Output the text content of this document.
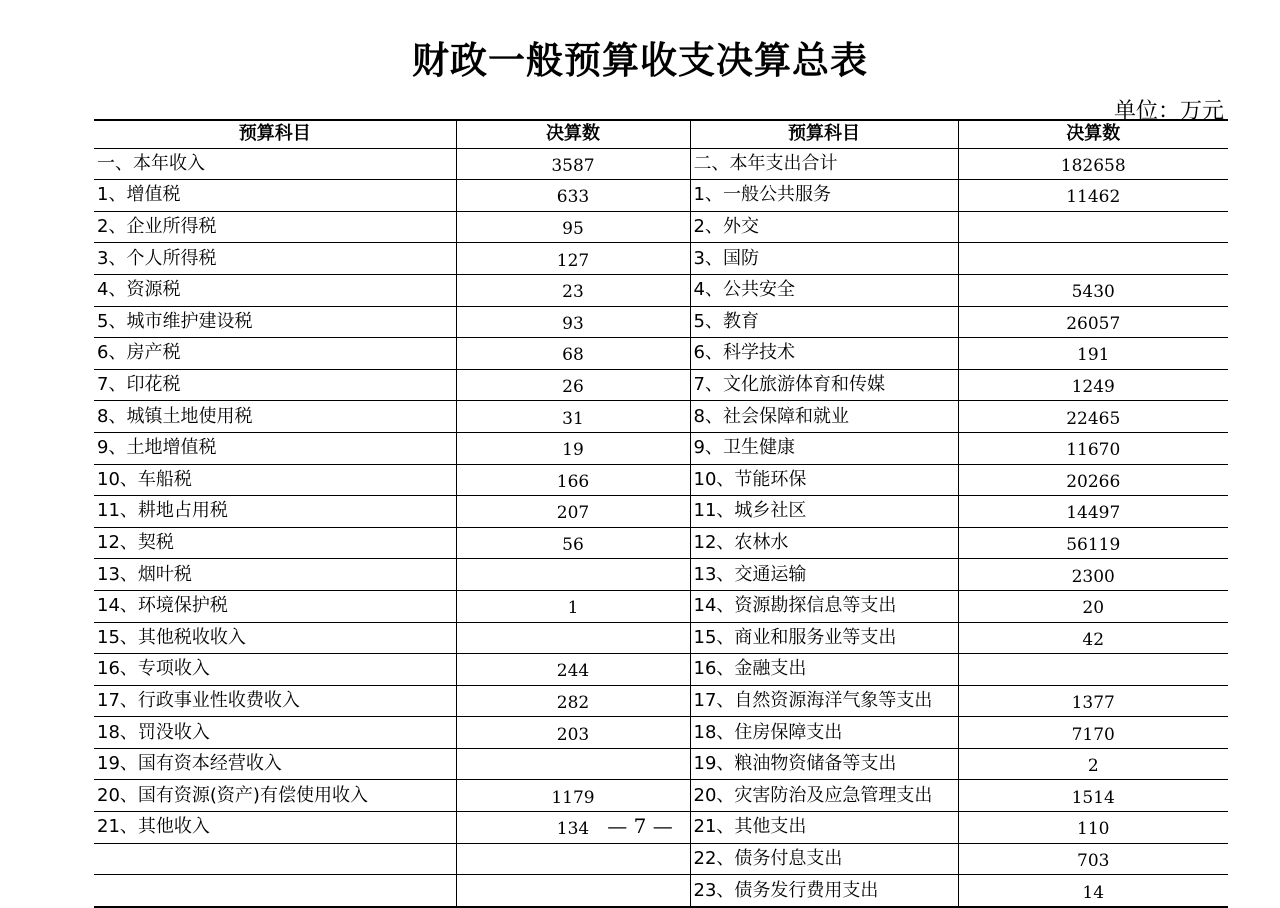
财政一般预算收支决算总表
单位：万元
预算科目	决算数	预算科目	决算数
一、本年收入	3587	二、本年支出合计	182658
1、增值税	633	1、一般公共服务	11462
2、企业所得税	95	2、外交	
3、个人所得税	127	3、国防	
4、资源税	23	4、公共安全	5430
5、城市维护建设税	93	5、教育	26057
6、房产税	68	6、科学技术	191
7、印花税	26	7、文化旅游体育和传媒	1249
8、城镇土地使用税	31	8、社会保障和就业	22465
9、土地增值税	19	9、卫生健康	11670
10、车船税	166	10、节能环保	20266
11、耕地占用税	207	11、城乡社区	14497
12、契税	56	12、农林水	56119
13、烟叶税		13、交通运输	2300
14、环境保护税	1	14、资源勘探信息等支出	20
15、其他税收收入		15、商业和服务业等支出	42
16、专项收入	244	16、金融支出	
17、行政事业性收费收入	282	17、自然资源海洋气象等支出	1377
18、罚没收入	203	18、住房保障支出	7170
19、国有资本经营收入		19、粮油物资储备等支出	2
20、国有资源(资产)有偿使用收入	1179	20、灾害防治及应急管理支出	1514
21、其他收入	134	21、其他支出	110
		22、债务付息支出	703
		23、债务发行费用支出	14
— 7 —
